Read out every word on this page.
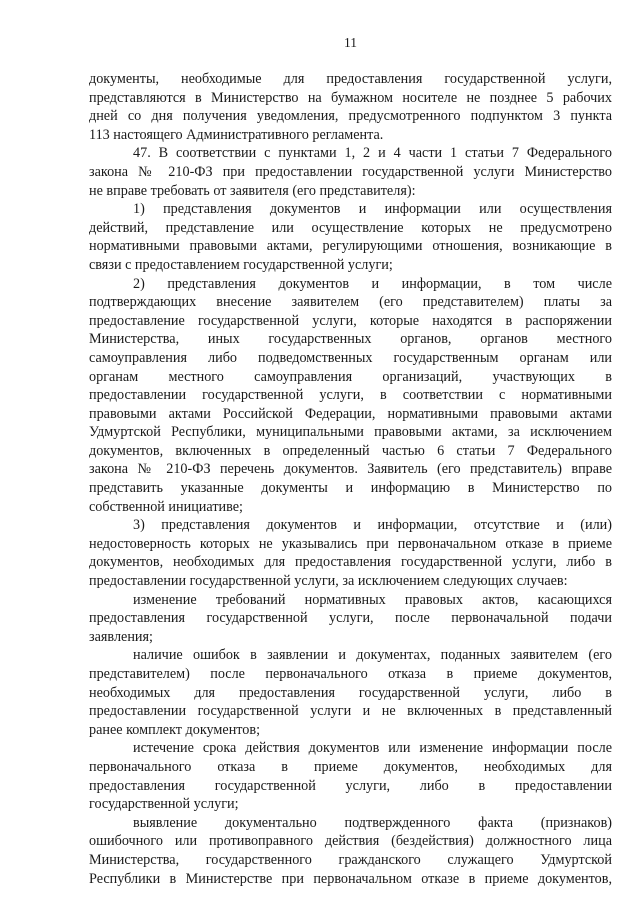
11
документы, необходимые для предоставления государственной услуги,
представляются в Министерство на бумажном носителе не позднее 5 рабочих
дней со дня получения уведомления, предусмотренного подпунктом 3 пункта
113 настоящего Административного регламента.
47. В соответствии с пунктами 1, 2 и 4 части 1 статьи 7 Федерального
закона № 210-ФЗ при предоставлении государственной услуги Министерство
не вправе требовать от заявителя (его представителя):
1) представления документов и информации или осуществления
действий, представление или осуществление которых не предусмотрено
нормативными правовыми актами, регулирующими отношения, возникающие в
связи с предоставлением государственной услуги;
2) представления документов и информации, в том числе
подтверждающих внесение заявителем (его представителем) платы за
предоставление государственной услуги, которые находятся в распоряжении
Министерства, иных государственных органов, органов местного
самоуправления либо подведомственных государственным органам или
органам местного самоуправления организаций, участвующих в
предоставлении государственной услуги, в соответствии с нормативными
правовыми актами Российской Федерации, нормативными правовыми актами
Удмуртской Республики, муниципальными правовыми актами, за исключением
документов, включенных в определенный частью 6 статьи 7 Федерального
закона № 210-ФЗ перечень документов. Заявитель (его представитель) вправе
представить указанные документы и информацию в Министерство по
собственной инициативе;
3) представления документов и информации, отсутствие и (или)
недостоверность которых не указывались при первоначальном отказе в приеме
документов, необходимых для предоставления государственной услуги, либо в
предоставлении государственной услуги, за исключением следующих случаев:
изменение требований нормативных правовых актов, касающихся
предоставления государственной услуги, после первоначальной подачи
заявления;
наличие ошибок в заявлении и документах, поданных заявителем (его
представителем) после первоначального отказа в приеме документов,
необходимых для предоставления государственной услуги, либо в
предоставлении государственной услуги и не включенных в представленный
ранее комплект документов;
истечение срока действия документов или изменение информации после
первоначального отказа в приеме документов, необходимых для
предоставления государственной услуги, либо в предоставлении
государственной услуги;
выявление документально подтвержденного факта (признаков)
ошибочного или противоправного действия (бездействия) должностного лица
Министерства, государственного гражданского служащего Удмуртской
Республики в Министерстве при первоначальном отказе в приеме документов,
